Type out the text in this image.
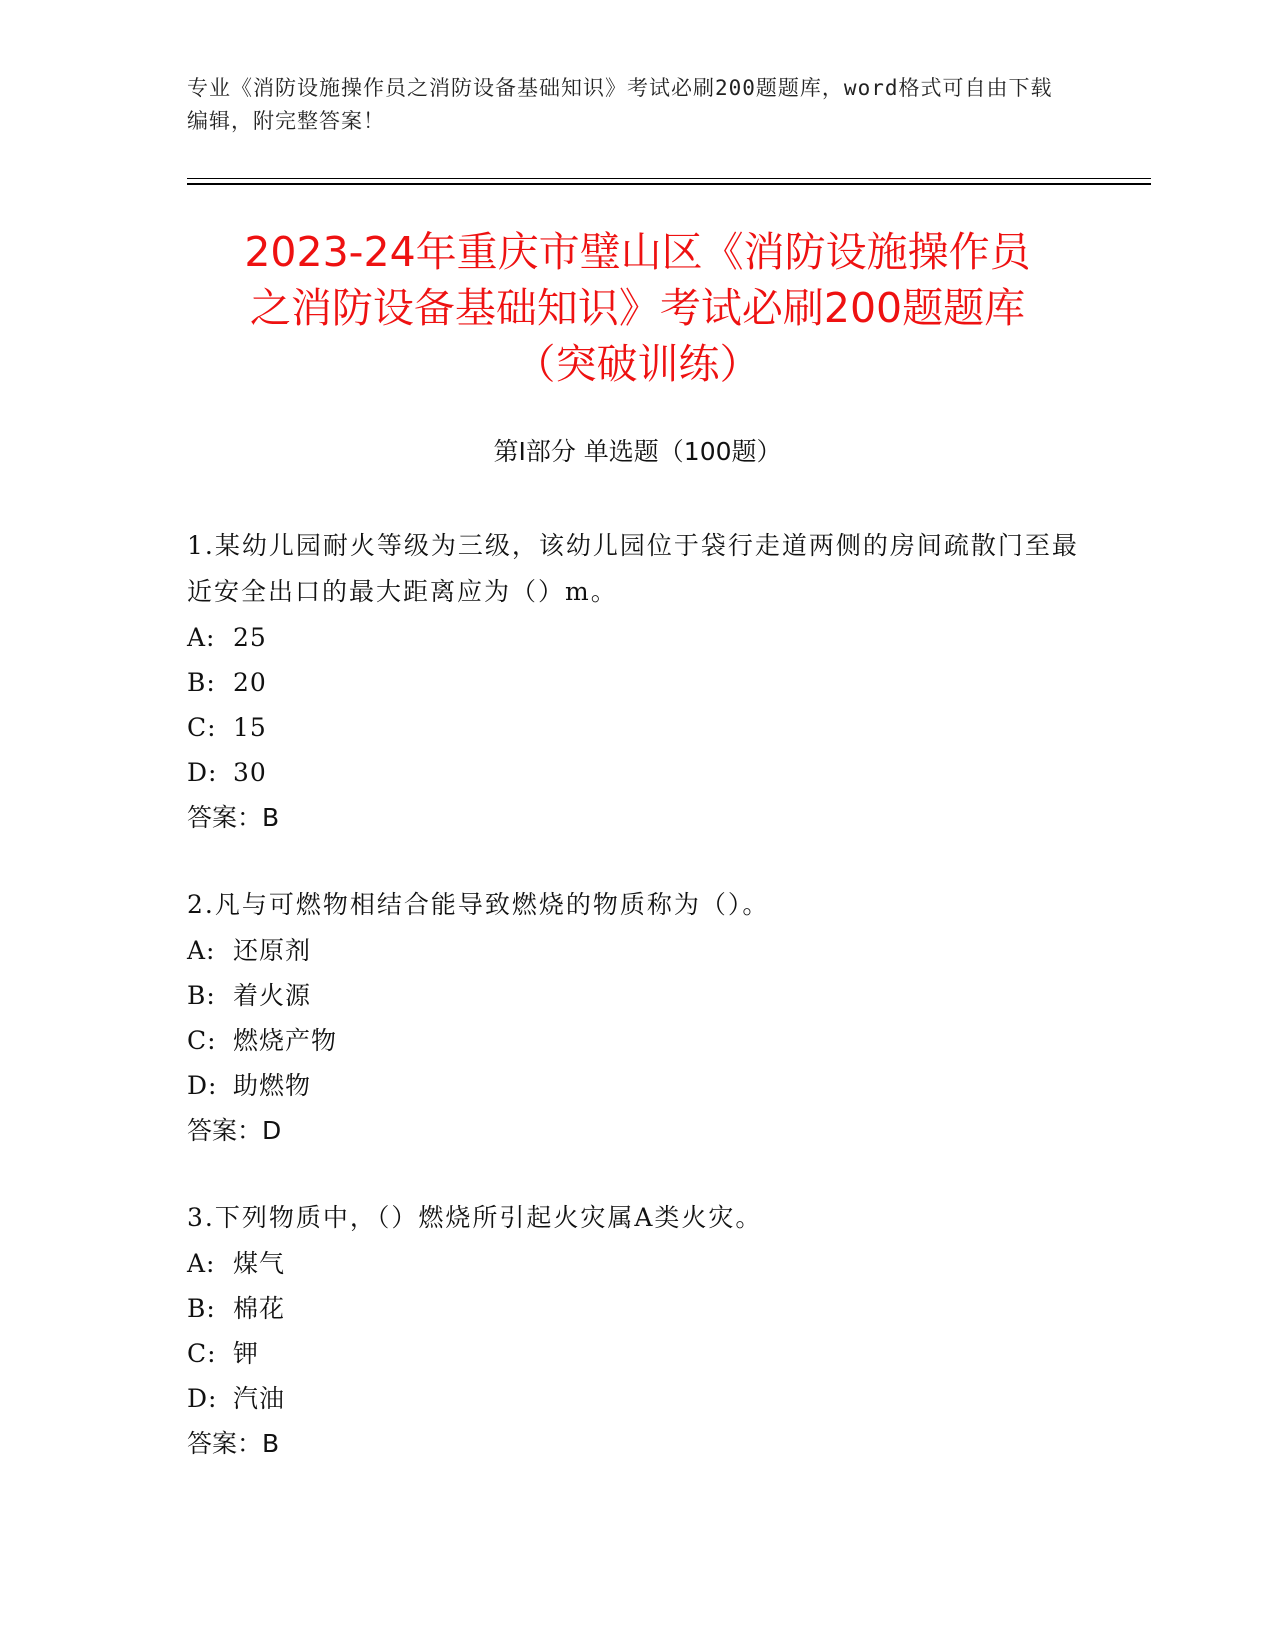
专业《消防设施操作员之消防设备基础知识》考试必刷200题题库，word格式可自由下载编辑，附完整答案！
2023-24年重庆市璧山区《消防设施操作员
之消防设备基础知识》考试必刷200题题库
（突破训练）
第I部分 单选题（100题）
1.某幼儿园耐火等级为三级，该幼儿园位于袋行走道两侧的房间疏散门至最近安全出口的最大距离应为（）m。
A: 25
B: 20
C: 15
D: 30
答案：B
2.凡与可燃物相结合能导致燃烧的物质称为（）。
A: 还原剂
B: 着火源
C: 燃烧产物
D: 助燃物
答案：D
3.下列物质中，（）燃烧所引起火灾属A类火灾。
A: 煤气
B: 棉花
C: 钾
D: 汽油
答案：B
